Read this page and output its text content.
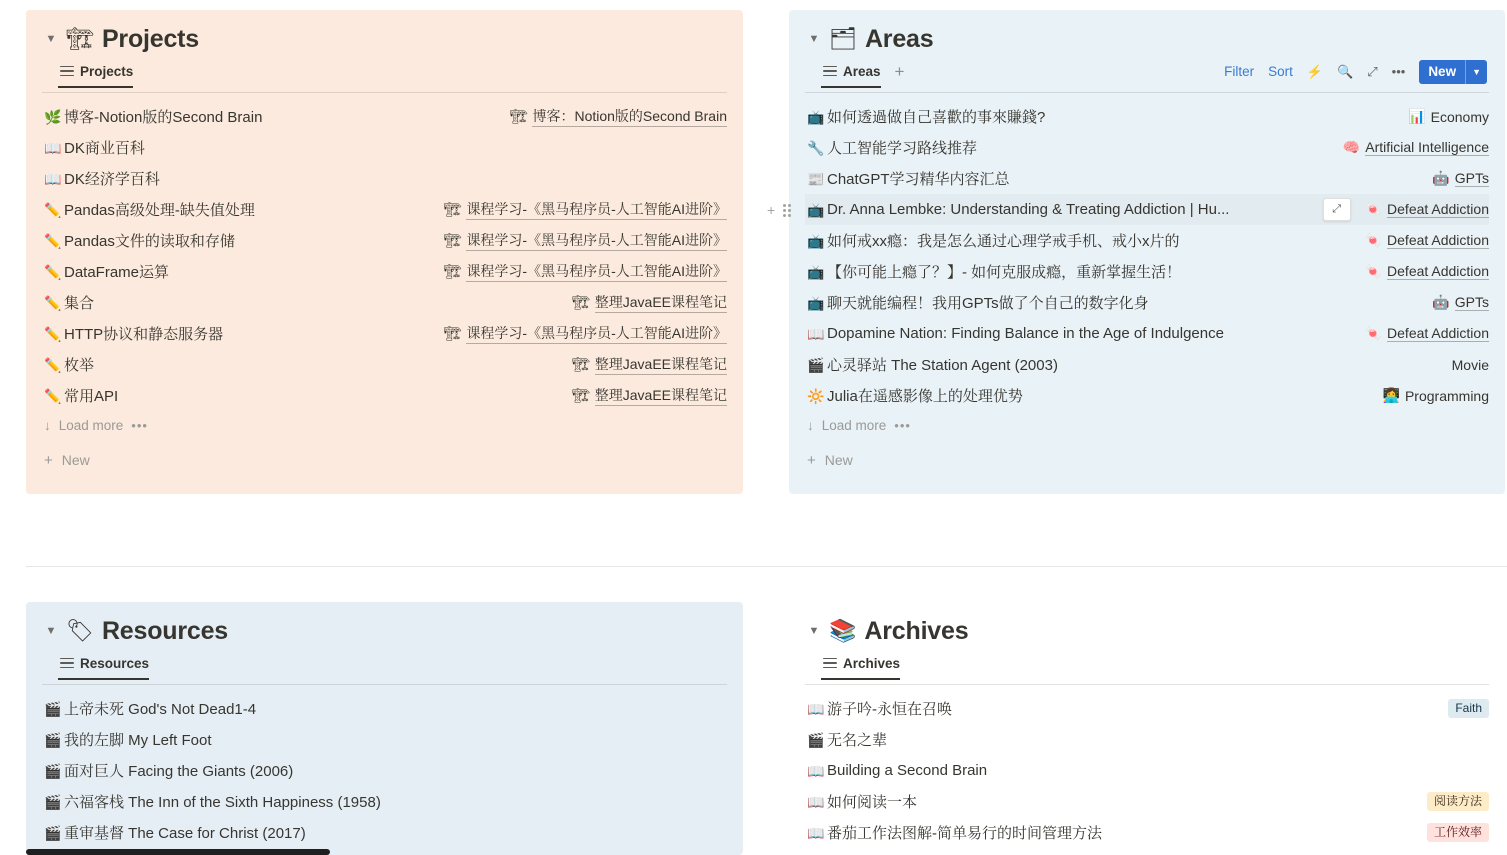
▼ 🏗 Projects
Projects
🌿 博客-Notion版的Second Brain	🏗 博客：Notion版的Second Brain
📖 DK商业百科
📖 DK经济学百科
✏️ Pandas高级处理-缺失值处理	🏗 课程学习-《黑马程序员-人工智能AI进阶》
✏️ Pandas文件的读取和存储	🏗 课程学习-《黑马程序员-人工智能AI进阶》
✏️ DataFrame运算	🏗 课程学习-《黑马程序员-人工智能AI进阶》
✏️ 集合	🏗 整理JavaEE课程笔记
✏️ HTTP协议和静态服务器	🏗 课程学习-《黑马程序员-人工智能AI进阶》
✏️ 枚举	🏗 整理JavaEE课程笔记
✏️ 常用API	🏗 整理JavaEE课程笔记
↓ Load more •••
+ New
▼ 🗂 Areas
Areas +	Filter Sort ⚡ 🔍 ⤢ •••	New	▼
📺 如何透過做自己喜歡的事來賺錢?	📊 Economy
🔧 人工智能学习路线推荐	🧠 Artificial Intelligence
📰 ChatGPT学习精华内容汇总	🤖 GPTs
+ 📺 Dr. Anna Lembke: Understanding & Treating Addiction | Hu...	⤢	🍬 Defeat Addiction
📺 如何戒xx瘾：我是怎么通过心理学戒手机、戒小x片的	🍬 Defeat Addiction
📺 【你可能上瘾了？】- 如何克服成瘾，重新掌握生活！	🍬 Defeat Addiction
📺 聊天就能编程！我用GPTs做了个自己的数字化身	🤖 GPTs
📖 Dopamine Nation: Finding Balance in the Age of Indulgence	🍬 Defeat Addiction
🎬 心灵驿站 The Station Agent (2003)	Movie
🔆 Julia在遥感影像上的处理优势	👩‍💻 Programming
↓ Load more •••
+ New
▼ 🏷 Resources
Resources
🎬 上帝未死 God's Not Dead1-4
🎬 我的左脚 My Left Foot
🎬 面对巨人 Facing the Giants (2006)
🎬 六福客栈 The Inn of the Sixth Happiness (1958)
🎬 重审基督 The Case for Christ (2017)
▼ 📚 Archives
Archives
📖 游子吟-永恒在召唤	Faith
🎬 无名之辈
📖 Building a Second Brain
📖 如何阅读一本	阅读方法
📖 番茄工作法图解-简单易行的时间管理方法	工作效率
